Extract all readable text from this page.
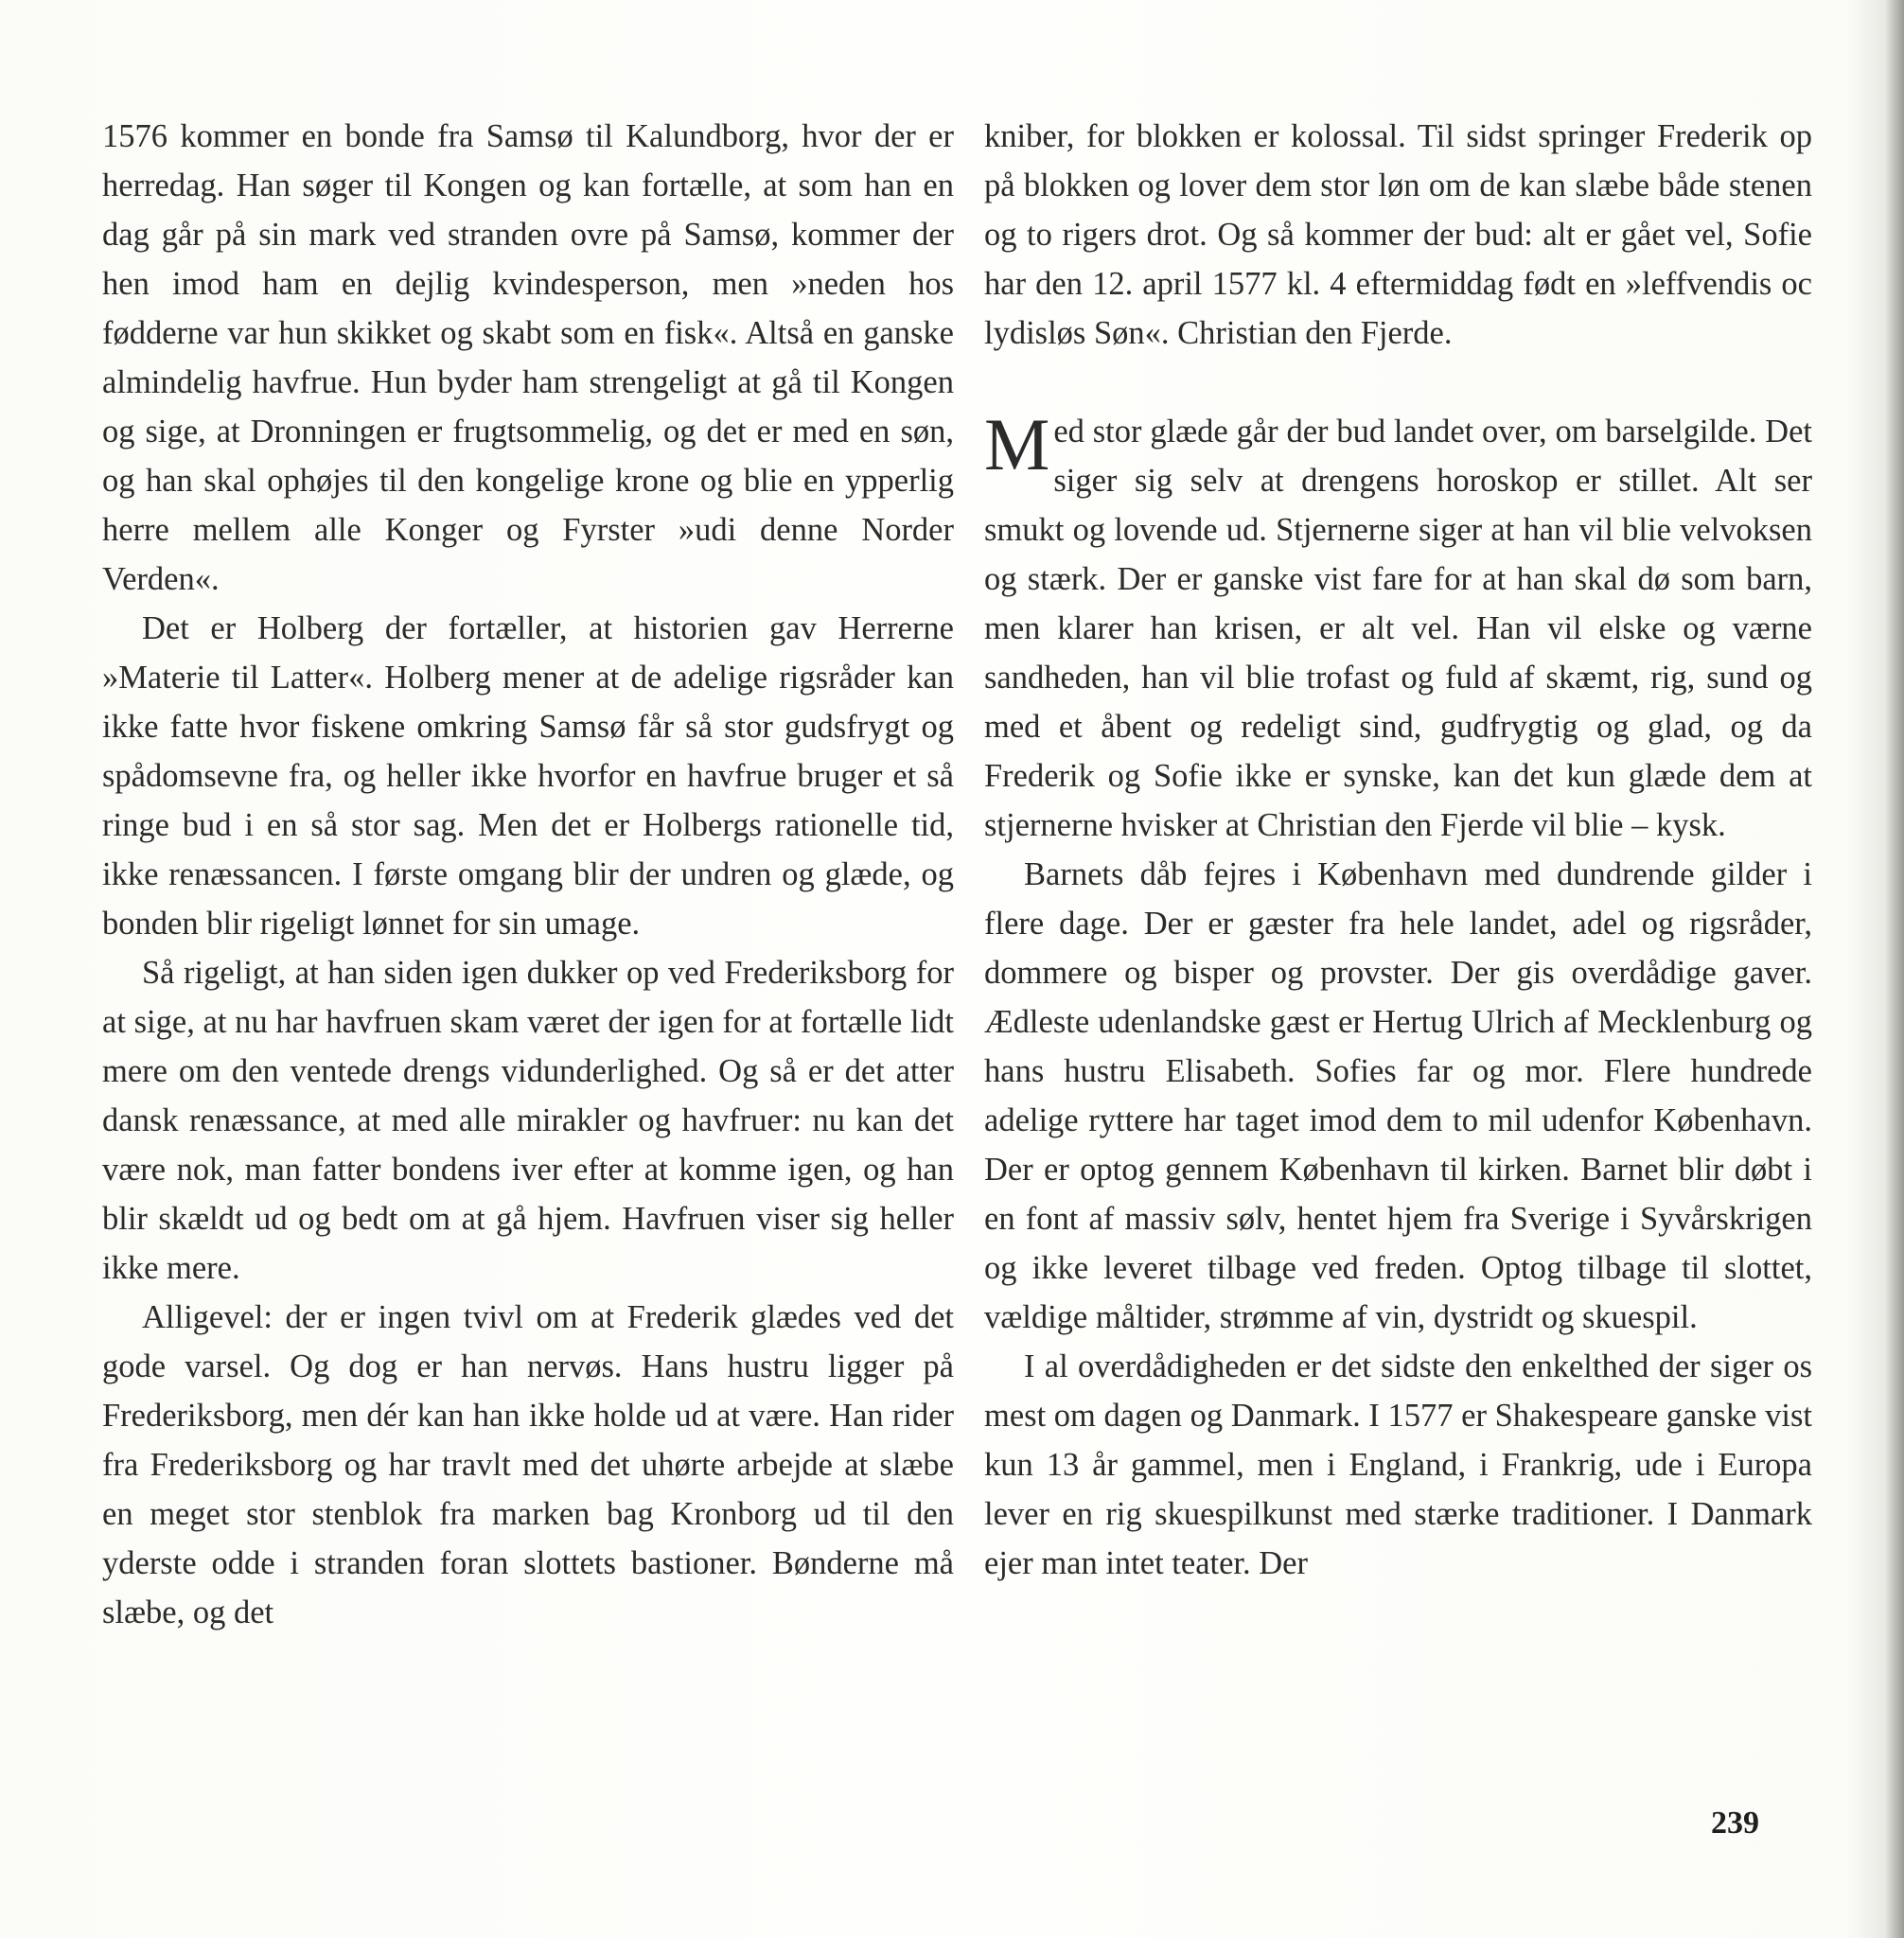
1576 kommer en bonde fra Samsø til Kalundborg, hvor der er herredag. Han søger til Kongen og kan fortælle, at som han en dag går på sin mark ved stranden ovre på Samsø, kommer der hen imod ham en dejlig kvindesperson, men »neden hos fødderne var hun skikket og skabt som en fisk«. Altså en ganske almindelig havfrue. Hun byder ham strengeligt at gå til Kongen og sige, at Dronningen er frugtsommelig, og det er med en søn, og han skal ophøjes til den kongelige krone og blie en ypperlig herre mellem alle Konger og Fyrster »udi denne Norder Verden«.

Det er Holberg der fortæller, at historien gav Herrerne »Materie til Latter«. Holberg mener at de adelige rigsråder kan ikke fatte hvor fiskene omkring Samsø får så stor gudsfrygt og spådomsevne fra, og heller ikke hvorfor en havfrue bruger et så ringe bud i en så stor sag. Men det er Holbergs rationelle tid, ikke renæssancen. I første omgang blir der undren og glæde, og bonden blir rigeligt lønnet for sin umage.

Så rigeligt, at han siden igen dukker op ved Frederiksborg for at sige, at nu har havfruen skam været der igen for at fortælle lidt mere om den ventede drengs vidunderlighed. Og så er det atter dansk renæssance, at med alle mirakler og havfruer: nu kan det være nok, man fatter bondens iver efter at komme igen, og han blir skældt ud og bedt om at gå hjem. Havfruen viser sig heller ikke mere.

Alligevel: der er ingen tvivl om at Frederik glædes ved det gode varsel. Og dog er han nervøs. Hans hustru ligger på Frederiksborg, men dér kan han ikke holde ud at være. Han rider fra Frederiksborg og har travlt med det uhørte arbejde at slæbe en meget stor stenblok fra marken bag Kronborg ud til den yderste odde i stranden foran slottets bastioner. Bønderne må slæbe, og det

kniber, for blokken er kolossal. Til sidst springer Frederik op på blokken og lover dem stor løn om de kan slæbe både stenen og to rigers drot. Og så kommer der bud: alt er gået vel, Sofie har den 12. april 1577 kl. 4 eftermiddag født en »leffvendis oc lydisløs Søn«. Christian den Fjerde.

Med stor glæde går der bud landet over, om barselgilde. Det siger sig selv at drengens horoskop er stillet. Alt ser smukt og lovende ud. Stjernerne siger at han vil blie velvoksen og stærk. Der er ganske vist fare for at han skal dø som barn, men klarer han krisen, er alt vel. Han vil elske og værne sandheden, han vil blie trofast og fuld af skæmt, rig, sund og med et åbent og redeligt sind, gudfrygtig og glad, og da Frederik og Sofie ikke er synske, kan det kun glæde dem at stjernerne hvisker at Christian den Fjerde vil blie – kysk.

Barnets dåb fejres i København med dundrende gilder i flere dage. Der er gæster fra hele landet, adel og rigsråder, dommere og bisper og provster. Der gis overdådige gaver. Ædleste udenlandske gæst er Hertug Ulrich af Mecklenburg og hans hustru Elisabeth. Sofies far og mor. Flere hundrede adelige ryttere har taget imod dem to mil udenfor København. Der er optog gennem København til kirken. Barnet blir døbt i en font af massiv sølv, hentet hjem fra Sverige i Syvårskrigen og ikke leveret tilbage ved freden. Optog tilbage til slottet, vældige måltider, strømme af vin, dystridt og skuespil.

I al overdådigheden er det sidste den enkelthed der siger os mest om dagen og Danmark. I 1577 er Shakespeare ganske vist kun 13 år gammel, men i England, i Frankrig, ude i Europa lever en rig skuespilkunst med stærke traditioner. I Danmark ejer man intet teater. Der

239
